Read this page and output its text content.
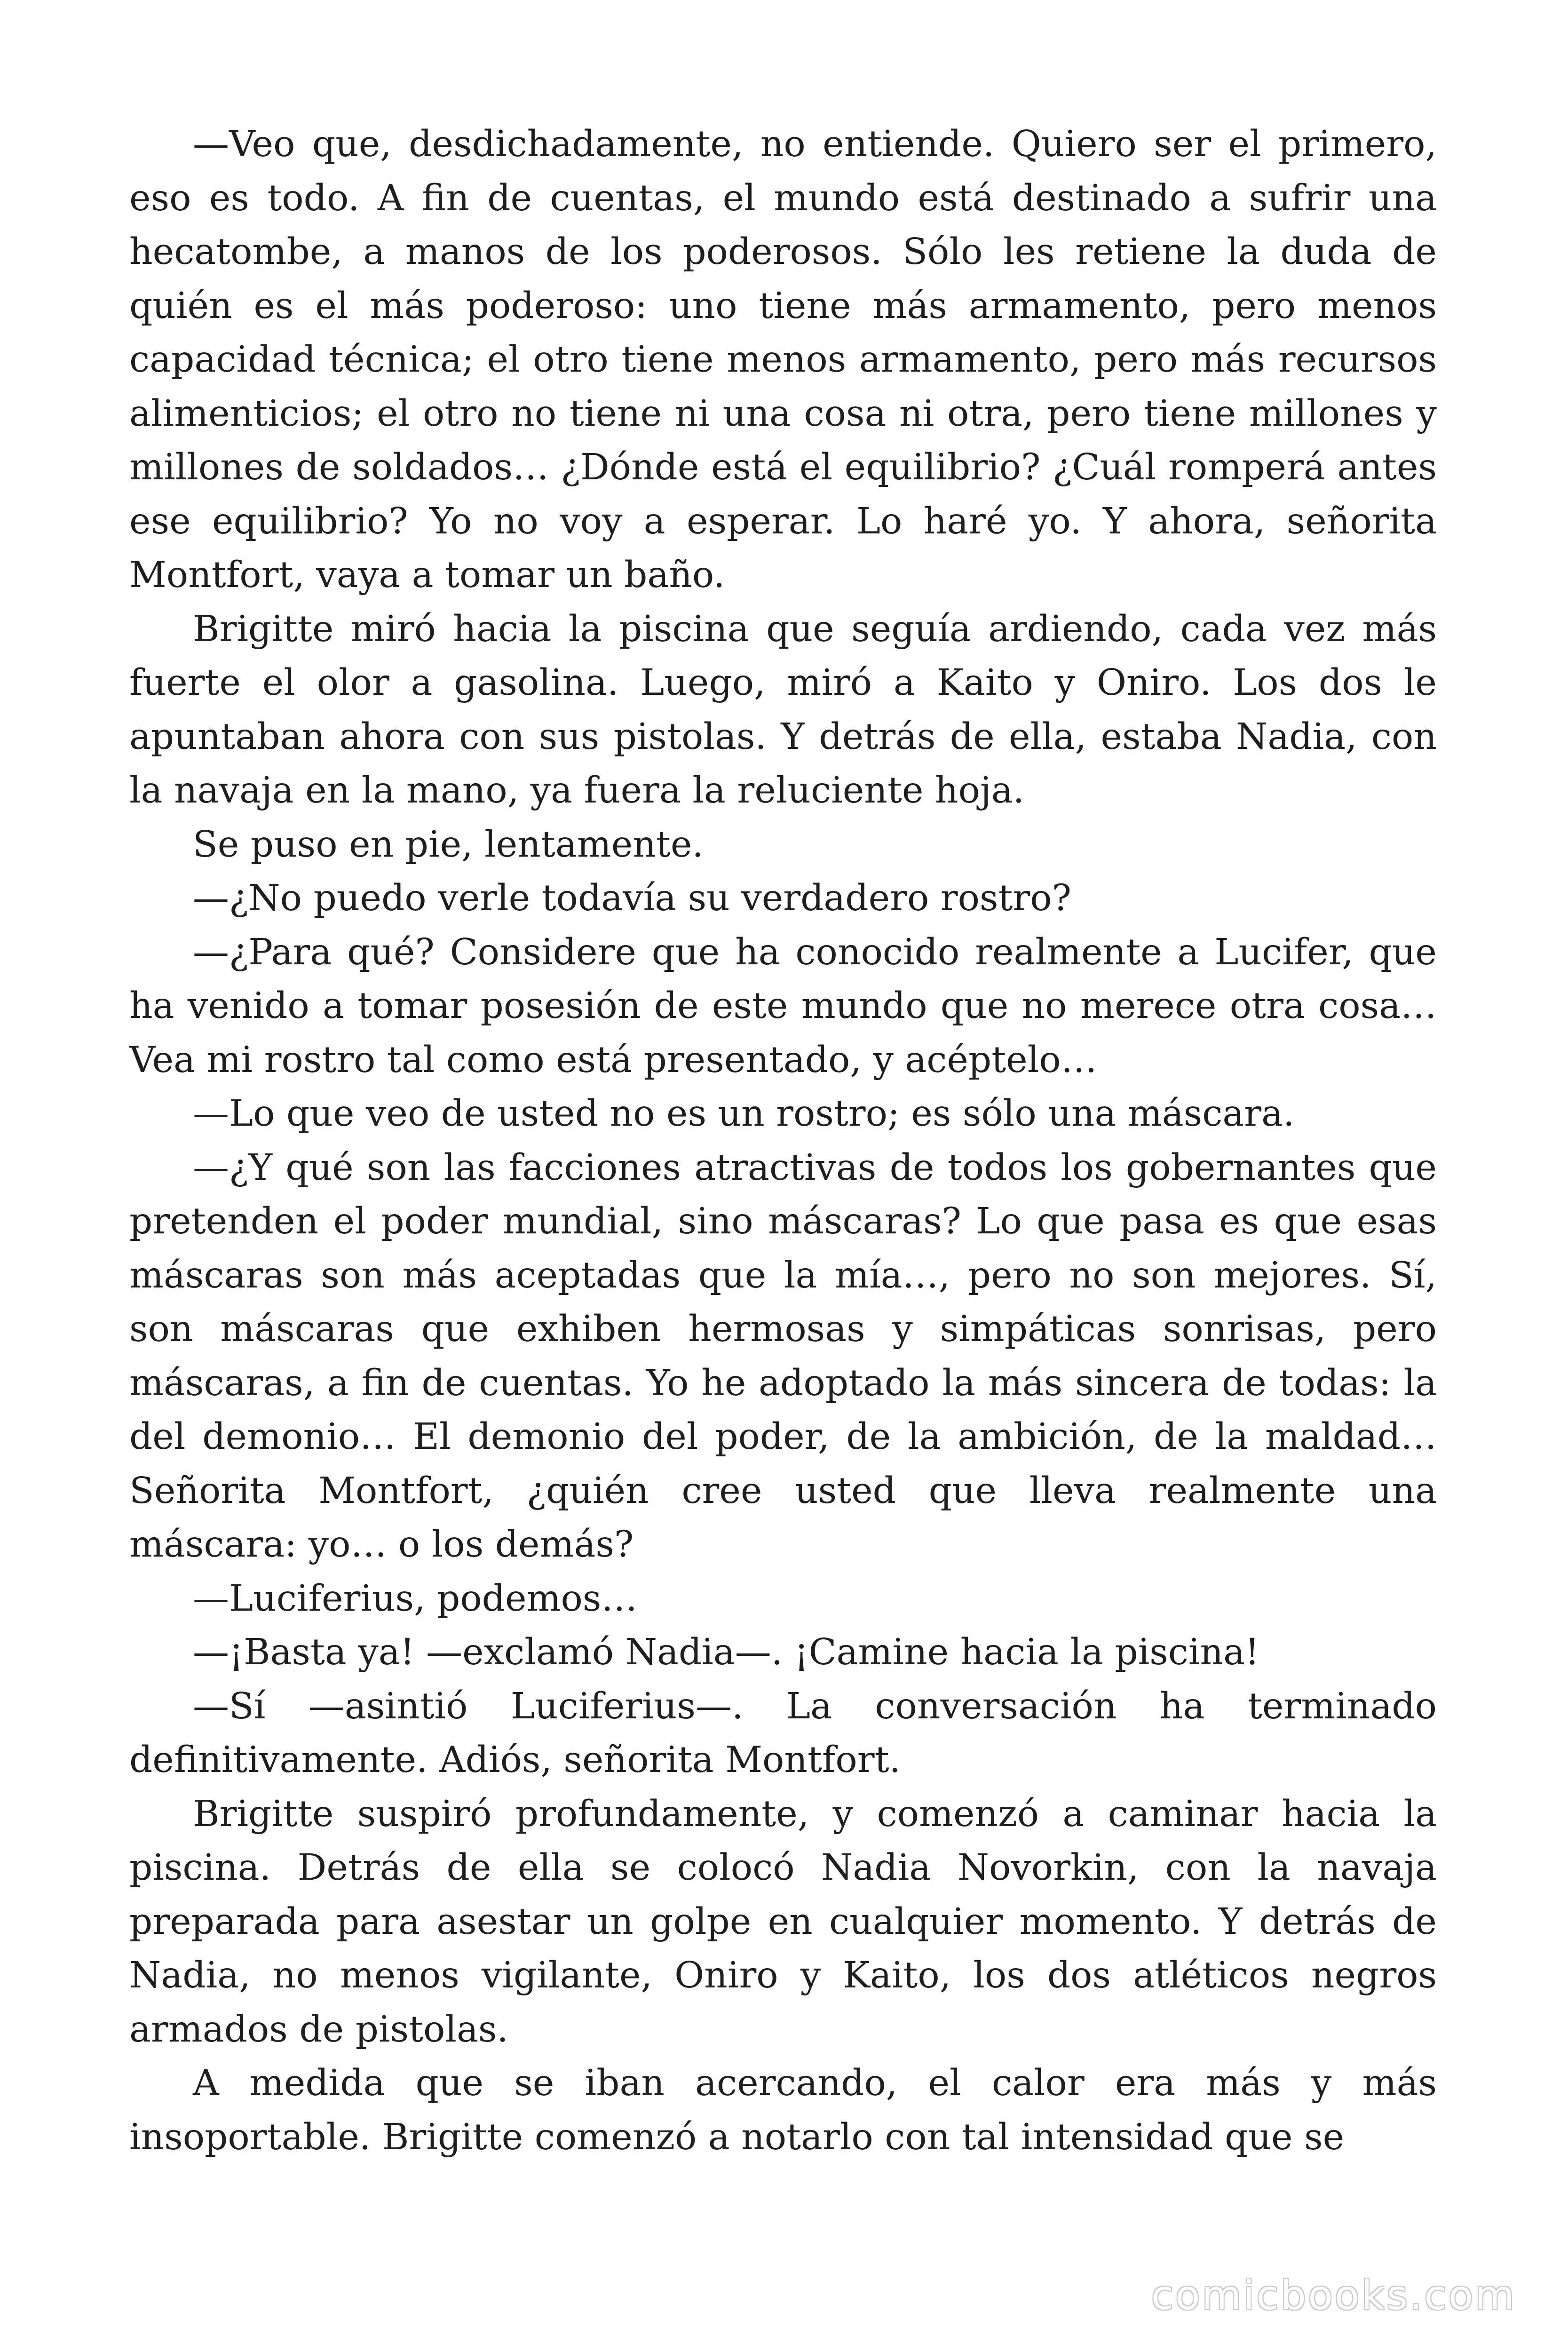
—Veo que, desdichadamente, no entiende. Quiero ser el primero, eso es todo. A fin de cuentas, el mundo está destinado a sufrir una hecatombe, a manos de los poderosos. Sólo les retiene la duda de quién es el más poderoso: uno tiene más armamento, pero menos capacidad técnica; el otro tiene menos armamento, pero más recursos alimenticios; el otro no tiene ni una cosa ni otra, pero tiene millones y millones de soldados… ¿Dónde está el equilibrio? ¿Cuál romperá antes ese equilibrio? Yo no voy a esperar. Lo haré yo. Y ahora, señorita Montfort, vaya a tomar un baño.

Brigitte miró hacia la piscina que seguía ardiendo, cada vez más fuerte el olor a gasolina. Luego, miró a Kaito y Oniro. Los dos le apuntaban ahora con sus pistolas. Y detrás de ella, estaba Nadia, con la navaja en la mano, ya fuera la reluciente hoja.

Se puso en pie, lentamente.

—¿No puedo verle todavía su verdadero rostro?

—¿Para qué? Considere que ha conocido realmente a Lucifer, que ha venido a tomar posesión de este mundo que no merece otra cosa… Vea mi rostro tal como está presentado, y acéptelo…

—Lo que veo de usted no es un rostro; es sólo una máscara.

—¿Y qué son las facciones atractivas de todos los gobernantes que pretenden el poder mundial, sino máscaras? Lo que pasa es que esas máscaras son más aceptadas que la mía…, pero no son mejores. Sí, son máscaras que exhiben hermosas y simpáticas sonrisas, pero máscaras, a fin de cuentas. Yo he adoptado la más sincera de todas: la del demonio… El demonio del poder, de la ambición, de la maldad… Señorita Montfort, ¿quién cree usted que lleva realmente una máscara: yo… o los demás?

—Luciferius, podemos…

—¡Basta ya! —exclamó Nadia—. ¡Camine hacia la piscina!

—Sí —asintió Luciferius—. La conversación ha terminado definitivamente. Adiós, señorita Montfort.

Brigitte suspiró profundamente, y comenzó a caminar hacia la piscina. Detrás de ella se colocó Nadia Novorkin, con la navaja preparada para asestar un golpe en cualquier momento. Y detrás de Nadia, no menos vigilante, Oniro y Kaito, los dos atléticos negros armados de pistolas.

A medida que se iban acercando, el calor era más y más insoportable. Brigitte comenzó a notarlo con tal intensidad que se

comicbooks.com
